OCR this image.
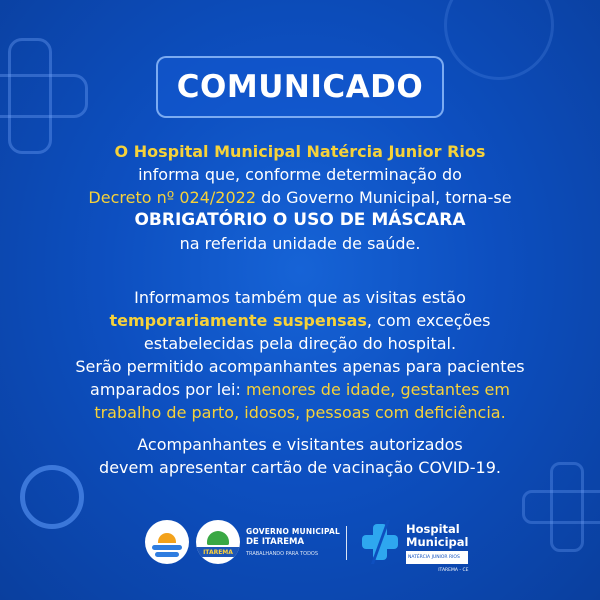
COMUNICADO
O Hospital Municipal Natércia Junior Rios
informa que, conforme determinação do
Decreto nº 024/2022 do Governo Municipal, torna-se
OBRIGATÓRIO O USO DE MÁSCARA
na referida unidade de saúde.
Informamos também que as visitas estão
temporariamente suspensas, com exceções
estabelecidas pela direção do hospital.
Serão permitido acompanhantes apenas para pacientes
amparados por lei: menores de idade, gestantes em
trabalho de parto, idosos, pessoas com deficiência.
Acompanhantes e visitantes autorizados
devem apresentar cartão de vacinação COVID-19.
ITAREMA
GOVERNO MUNICIPAL
DE ITAREMA
TRABALHANDO PARA TODOS
Hospital
Municipal
NATÉRCIA JUNIOR RIOS
ITAREMA - CE
